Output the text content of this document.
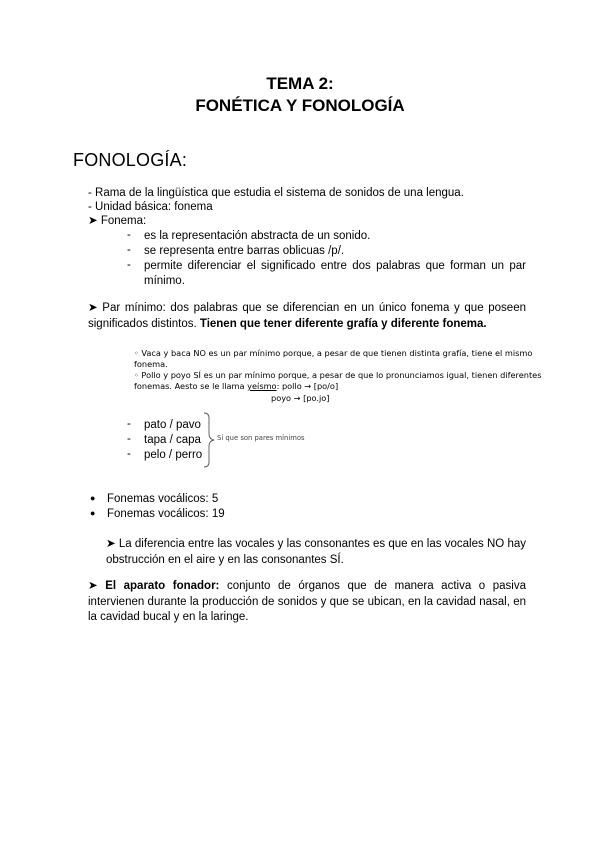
TEMA 2:
FONÉTICA Y FONOLOGÍA
FONOLOGÍA:
- Rama de la lingüística que estudia el sistema de sonidos de una lengua.
- Unidad básica: fonema
➤ Fonema:
- es la representación abstracta de un sonido.
- se representa entre barras oblicuas /p/.
- permite diferenciar el significado entre dos palabras que forman un par
mínimo.
➤ Par mínimo: dos palabras que se diferencian en un único fonema y que poseen significados distintos. Tienen que tener diferente grafía y diferente fonema.
◦ Vaca y baca NO es un par mínimo porque, a pesar de que tienen distinta grafía, tiene el mismo
fonema.
◦ Pollo y poyo SÍ es un par mínimo porque, a pesar de que lo pronunciamos igual, tienen diferentes
fonemas. Aesto se le llama yeísmo: pollo → [po/o]
poyo → [po.jo]
- pato / pavo
- tapa / capa
- pelo / perro
Sí que son pares mínimos
● Fonemas vocálicos: 5
● Fonemas vocálicos: 19
➤ La diferencia entre las vocales y las consonantes es que en las vocales NO hay obstrucción en el aire y en las consonantes SÍ.
➤ El aparato fonador: conjunto de órganos que de manera activa o pasiva intervienen durante la producción de sonidos y que se ubican, en la cavidad nasal, en la cavidad bucal y en la laringe.
